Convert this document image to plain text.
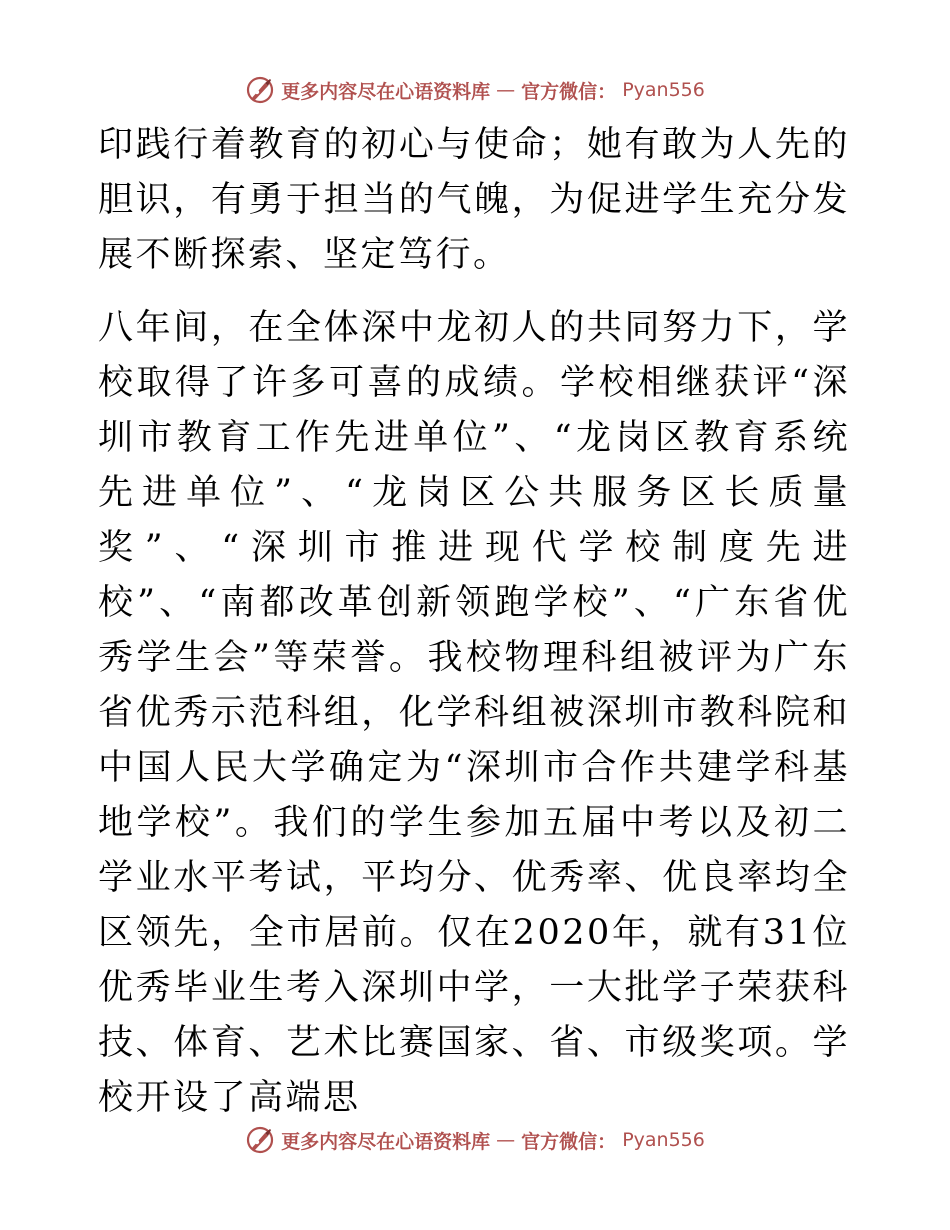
更多内容尽在心语资料库 — 官方微信： Pyan556

印践行着教育的初心与使命；她有敢为人先的胆识，有勇于担当的气魄，为促进学生充分发展不断探索、坚定笃行。

八年间，在全体深中龙初人的共同努力下，学校取得了许多可喜的成绩。学校相继获评“深圳市教育工作先进单位”、“龙岗区教育系统先进单位”、“龙岗区公共服务区长质量奖”、“深圳市推进现代学校制度先进校”、“南都改革创新领跑学校”、“广东省优秀学生会”等荣誉。我校物理科组被评为广东省优秀示范科组，化学科组被深圳市教科院和中国人民大学确定为“深圳市合作共建学科基地学校”。我们的学生参加五届中考以及初二学业水平考试，平均分、优秀率、优良率均全区领先，全市居前。仅在2020年，就有31位优秀毕业生考入深圳中学，一大批学子荣获科技、体育、艺术比赛国家、省、市级奖项。学校开设了高端思

更多内容尽在心语资料库 — 官方微信： Pyan556
